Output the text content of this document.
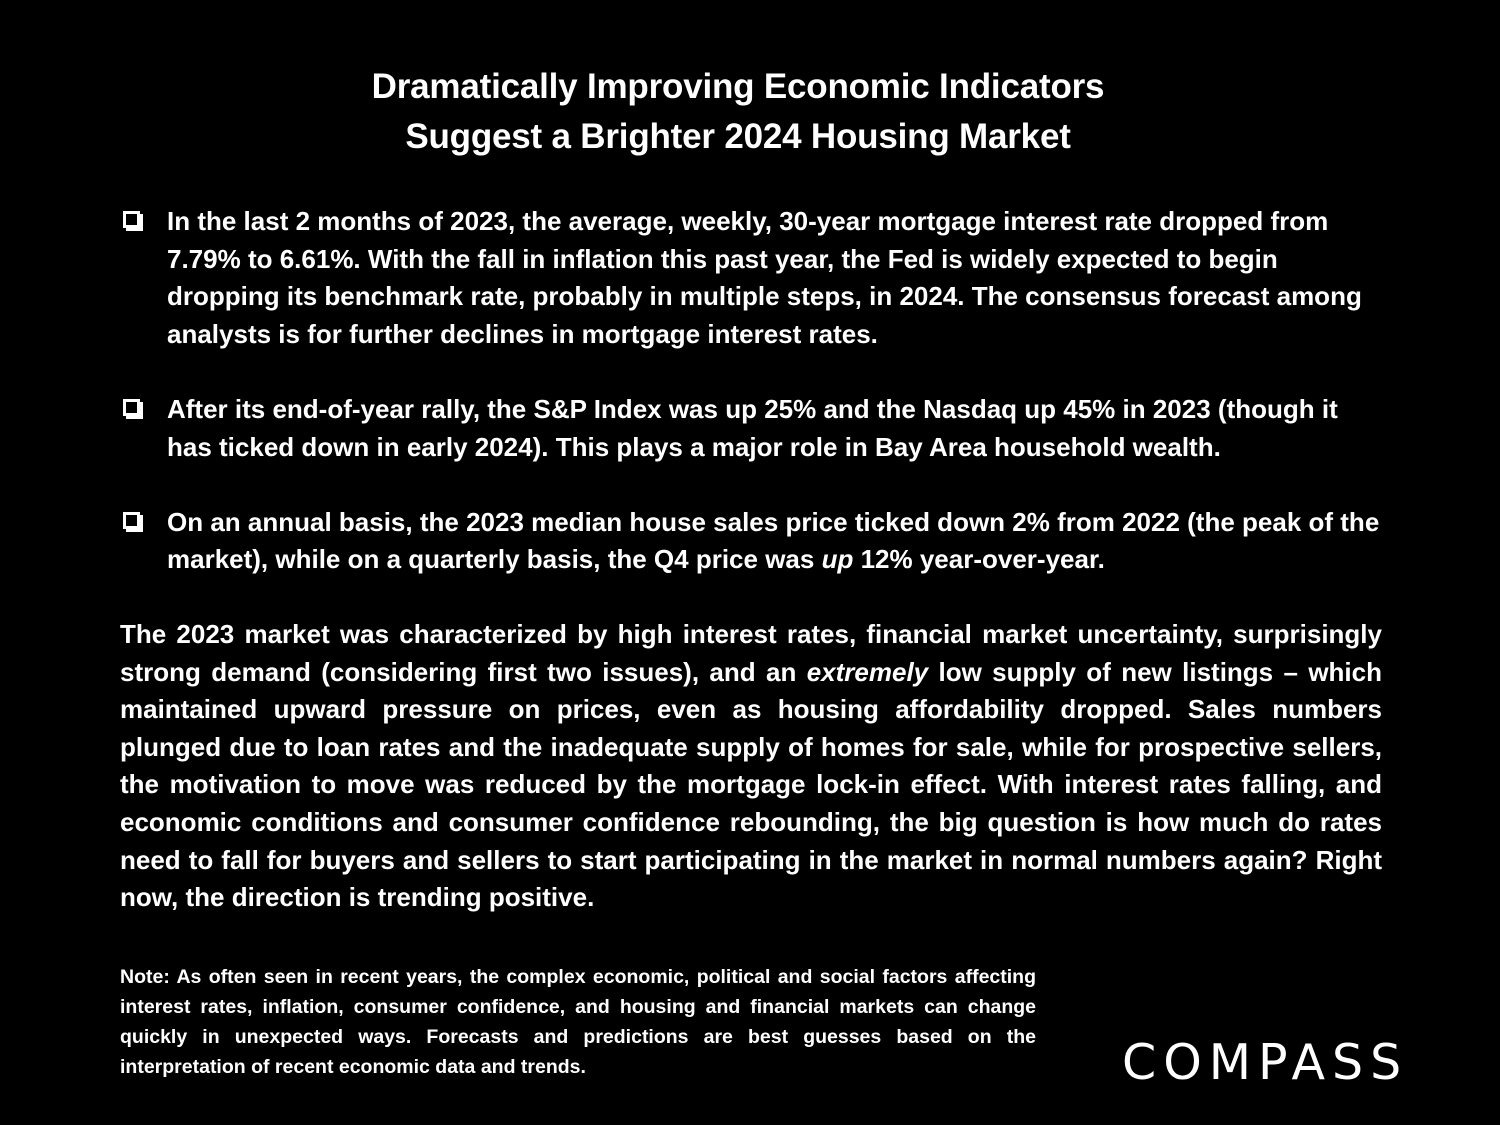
Dramatically Improving Economic Indicators
Suggest a Brighter 2024 Housing Market
In the last 2 months of 2023, the average, weekly, 30-year mortgage interest rate dropped from 7.79% to 6.61%. With the fall in inflation this past year, the Fed is widely expected to begin dropping its benchmark rate, probably in multiple steps, in 2024. The consensus forecast among analysts is for further declines in mortgage interest rates.
After its end-of-year rally, the S&P Index was up 25% and the Nasdaq up 45% in 2023 (though it has ticked down in early 2024). This plays a major role in Bay Area household wealth.
On an annual basis, the 2023 median house sales price ticked down 2% from 2022 (the peak of the market), while on a quarterly basis, the Q4 price was up 12% year-over-year.
The 2023 market was characterized by high interest rates, financial market uncertainty, surprisingly strong demand (considering first two issues), and an extremely low supply of new listings – which maintained upward pressure on prices, even as housing affordability dropped. Sales numbers plunged due to loan rates and the inadequate supply of homes for sale, while for prospective sellers, the motivation to move was reduced by the mortgage lock-in effect. With interest rates falling, and economic conditions and consumer confidence rebounding, the big question is how much do rates need to fall for buyers and sellers to start participating in the market in normal numbers again? Right now, the direction is trending positive.
Note: As often seen in recent years, the complex economic, political and social factors affecting interest rates, inflation, consumer confidence, and housing and financial markets can change quickly in unexpected ways. Forecasts and predictions are best guesses based on the interpretation of recent economic data and trends.	COMPASS
